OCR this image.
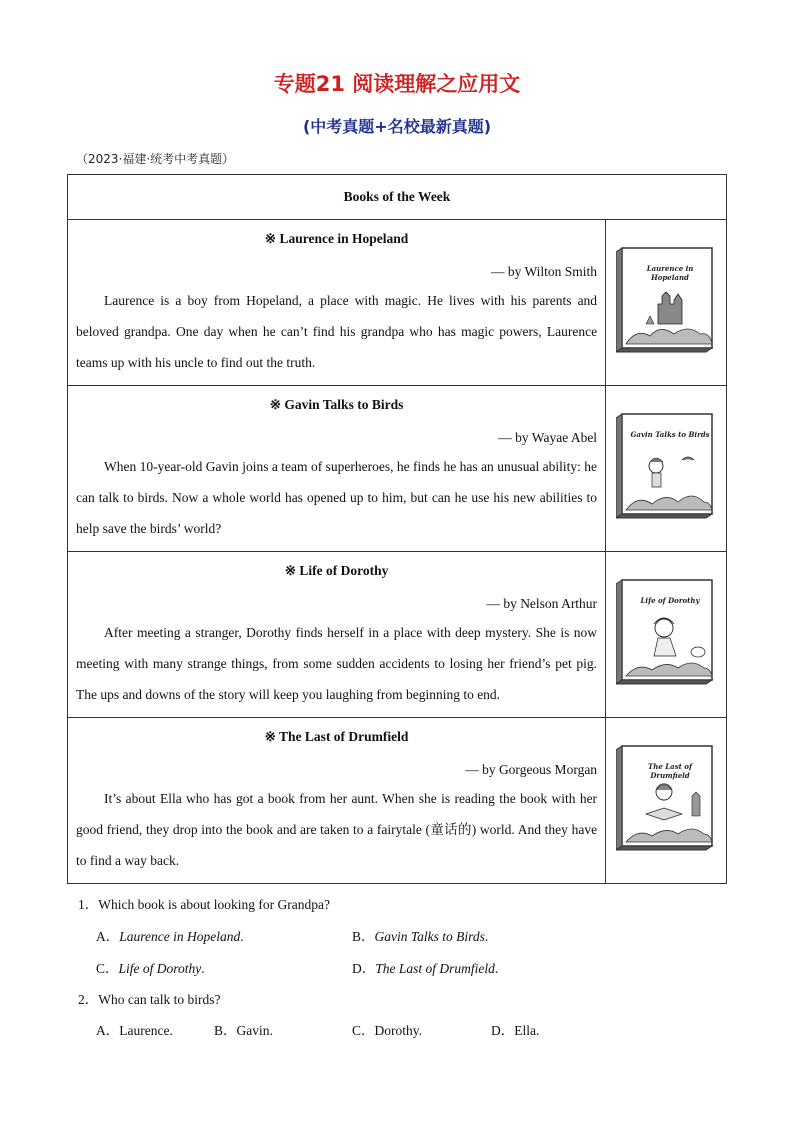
专题21 阅读理解之应用文
(中考真题+名校最新真题)
（2023·福建·统考中考真题）
Books of the Week	

※ Laurence in Hopeland
— by Wilton Smith
Laurence is a boy from Hopeland, a place with magic. He lives with his parents and beloved grandpa. One day when he can’t find his grandpa who has magic powers, Laurence teams up with his uncle to find out the truth.	Laurence in Hopeland

※ Gavin Talks to Birds
— by Wayae Abel
When 10-year-old Gavin joins a team of superheroes, he finds he has an unusual ability: he can talk to birds. Now a whole world has opened up to him, but can he use his new abilities to help save the birds’ world?	Gavin Talks to Birds

※ Life of Dorothy
— by Nelson Arthur
After meeting a stranger, Dorothy finds herself in a place with deep mystery. She is now meeting with many strange things, from some sudden accidents to losing her friend’s pet pig. The ups and downs of the story will keep you laughing from beginning to end.	Life of Dorothy

※ The Last of Drumfield
— by Gorgeous Morgan
It’s about Ella who has got a book from her aunt. When she is reading the book with her good friend, they drop into the book and are taken to a fairytale (童话的) world. And they have to find a way back.	The Last of Drumfield
1．Which book is about looking for Grandpa?
A．Laurence in Hopeland.	B．Gavin Talks to Birds.
C．Life of Dorothy.	D．The Last of Drumfield.
2．Who can talk to birds?
A．Laurence.	B．Gavin.	C．Dorothy.	D．Ella.
